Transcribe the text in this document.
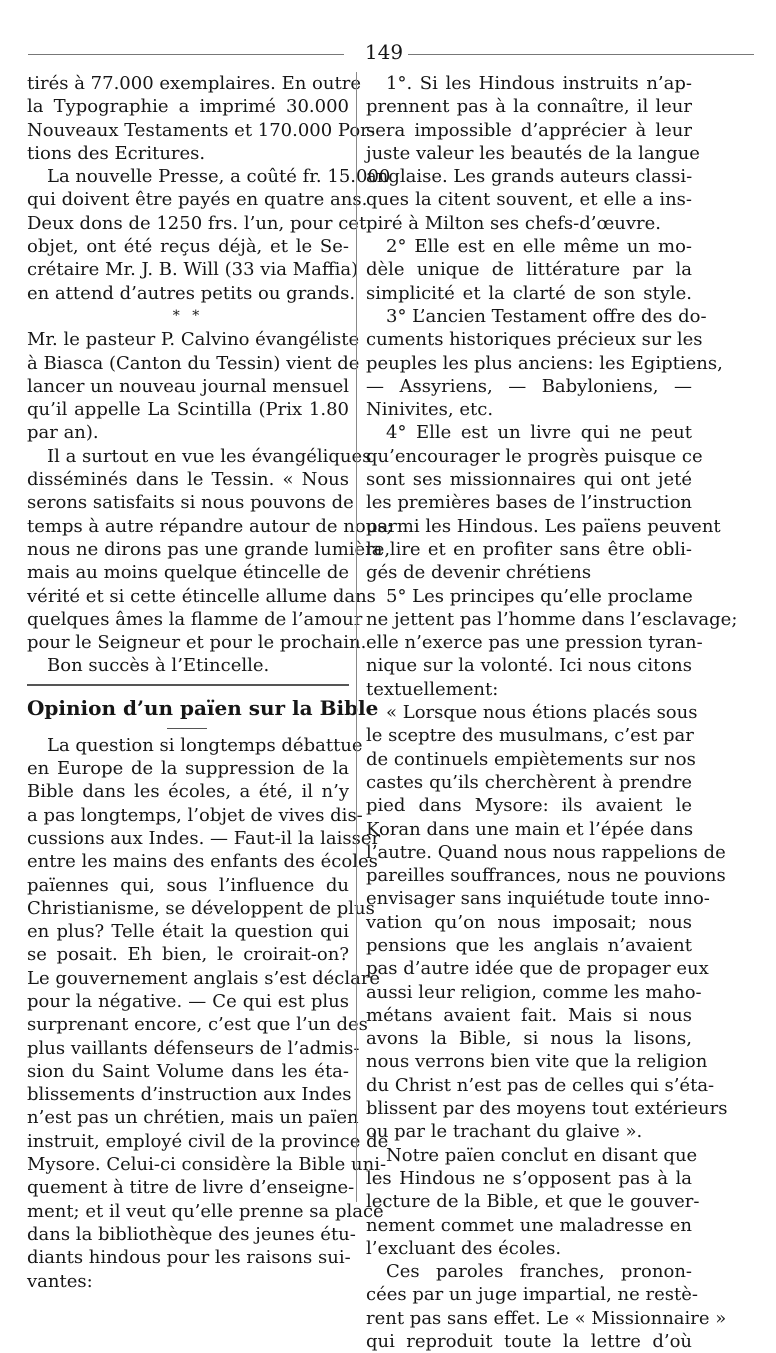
149
tirés à 77.000 exemplaires. En outre
la Typographie a imprimé 30.000
Nouveaux Testaments et 170.000 Por-
tions des Ecritures.
La nouvelle Presse, a coûté fr. 15.000
qui doivent être payés en quatre ans.
Deux dons de 1250 frs. l’un, pour cet
objet, ont été reçus déjà, et le Se-
crétaire Mr. J. B. Will (33 via Maffia)
en attend d’autres petits ou grands.
* *
Mr. le pasteur P. Calvino évangéliste
à Biasca (Canton du Tessin) vient de
lancer un nouveau journal mensuel
qu’il appelle La Scintilla (Prix 1.80
par an).
Il a surtout en vue les évangéliques
disséminés dans le Tessin. « Nous
serons satisfaits si nous pouvons de
temps à autre répandre autour de nous;
nous ne dirons pas une grande lumière,
mais au moins quelque étincelle de
vérité et si cette étincelle allume dans
quelques âmes la flamme de l’amour
pour le Seigneur et pour le prochain.
Bon succès à l’Etincelle.
Opinion d’un païen sur la Bible
La question si longtemps débattue
en Europe de la suppression de la
Bible dans les écoles, a été, il n’y
a pas longtemps, l’objet de vives dis-
cussions aux Indes. — Faut-il la laisser
entre les mains des enfants des écoles
païennes qui, sous l’influence du
Christianisme, se développent de plus
en plus? Telle était la question qui
se posait. Eh bien, le croirait-on?
Le gouvernement anglais s’est déclaré
pour la négative. — Ce qui est plus
surprenant encore, c’est que l’un des
plus vaillants défenseurs de l’admis-
sion du Saint Volume dans les éta-
blissements d’instruction aux Indes
n’est pas un chrétien, mais un païen
instruit, employé civil de la province de
Mysore. Celui-ci considère la Bible uni-
quement à titre de livre d’enseigne-
ment; et il veut qu’elle prenne sa place
dans la bibliothèque des jeunes étu-
diants hindous pour les raisons sui-
vantes:
1°. Si les Hindous instruits n’ap-
prennent pas à la connaître, il leur
sera impossible d’apprécier à leur
juste valeur les beautés de la langue
anglaise. Les grands auteurs classi-
ques la citent souvent, et elle a ins-
piré à Milton ses chefs-d’œuvre.
2° Elle est en elle même un mo-
dèle unique de littérature par la
simplicité et la clarté de son style.
3° L’ancien Testament offre des do-
cuments historiques précieux sur les
peuples les plus anciens: les Egiptiens,
— Assyriens, — Babyloniens, —
Ninivites, etc.
4° Elle est un livre qui ne peut
qu’encourager le progrès puisque ce
sont ses missionnaires qui ont jeté
les premières bases de l’instruction
parmi les Hindous. Les païens peuvent
la lire et en profiter sans être obli-
gés de devenir chrétiens
5° Les principes qu’elle proclame
ne jettent pas l’homme dans l’esclavage;
elle n’exerce pas une pression tyran-
nique sur la volonté. Ici nous citons
textuellement:
« Lorsque nous étions placés sous
le sceptre des musulmans, c’est par
de continuels empiètements sur nos
castes qu’ils cherchèrent à prendre
pied dans Mysore: ils avaient le
Koran dans une main et l’épée dans
l’autre. Quand nous nous rappelions de
pareilles souffrances, nous ne pouvions
envisager sans inquiétude toute inno-
vation qu’on nous imposait; nous
pensions que les anglais n’avaient
pas d’autre idée que de propager eux
aussi leur religion, comme les maho-
métans avaient fait. Mais si nous
avons la Bible, si nous la lisons,
nous verrons bien vite que la religion
du Christ n’est pas de celles qui s’éta-
blissent par des moyens tout extérieurs
ou par le trachant du glaive ».
Notre païen conclut en disant que
les Hindous ne s’opposent pas à la
lecture de la Bible, et que le gouver-
nement commet une maladresse en
l’excluant des écoles.
Ces paroles franches, pronon-
cées par un juge impartial, ne restè-
rent pas sans effet. Le « Missionnaire »
qui reproduit toute la lettre d’où
